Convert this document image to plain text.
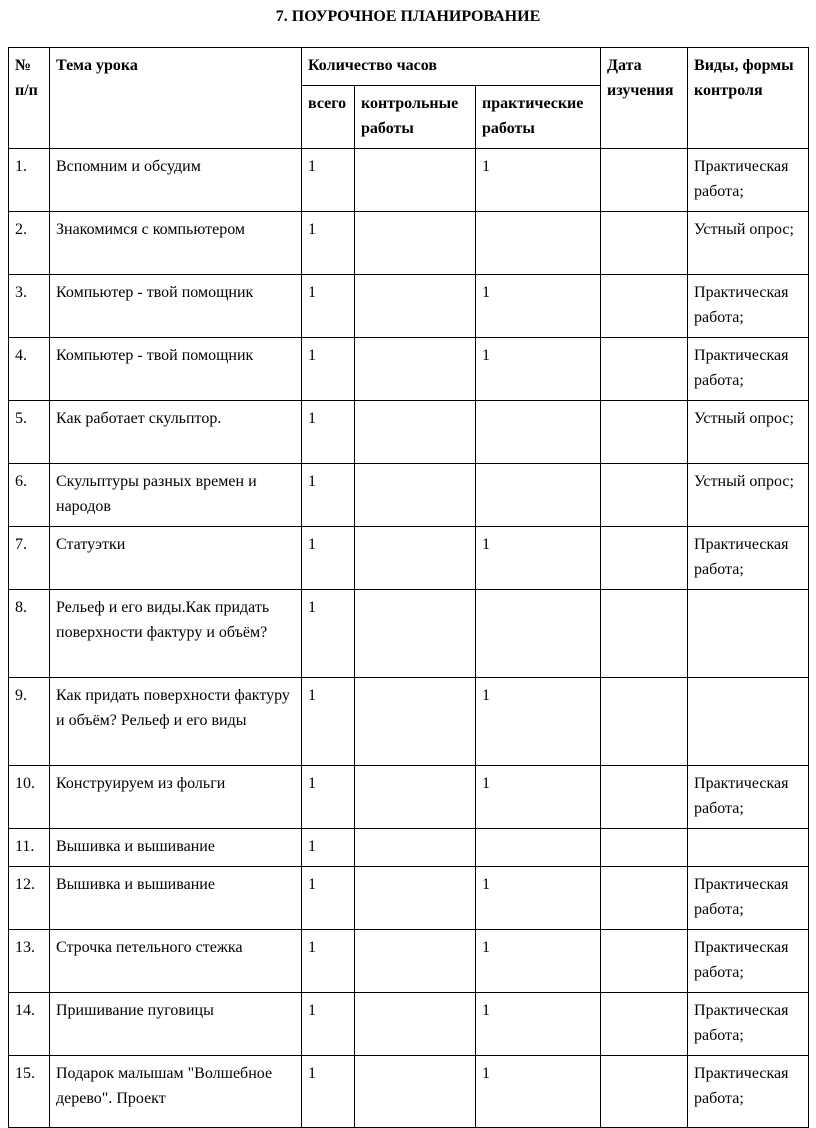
7. ПОУРОЧНОЕ ПЛАНИРОВАНИЕ
№ п/п	Тема урока	Количество часов			Дата изучения	Виды, формы контроля
		всего	контрольные работы	практические работы		
1.	Вспомним и обсудим	1		1		Практическая работа;
2.	Знакомимся с компьютером	1				Устный опрос;
3.	Компьютер - твой помощник	1		1		Практическая работа;
4.	Компьютер - твой помощник	1		1		Практическая работа;
5.	Как работает скульптор.	1				Устный опрос;
6.	Скульптуры разных времен и народов	1				Устный опрос;
7.	Статуэтки	1		1		Практическая работа;
8.	Рельеф и его виды.Как придать поверхности фактуру и объём?	1				
9.	Как придать поверхности фактуру и объём? Рельеф и его виды	1		1		
10.	Конструируем из фольги	1		1		Практическая работа;
11.	Вышивка и вышивание	1				
12.	Вышивка и вышивание	1		1		Практическая работа;
13.	Строчка петельного стежка	1		1		Практическая работа;
14.	Пришивание пуговицы	1		1		Практическая работа;
15.	Подарок малышам "Волшебное дерево". Проект	1		1		Практическая работа;
